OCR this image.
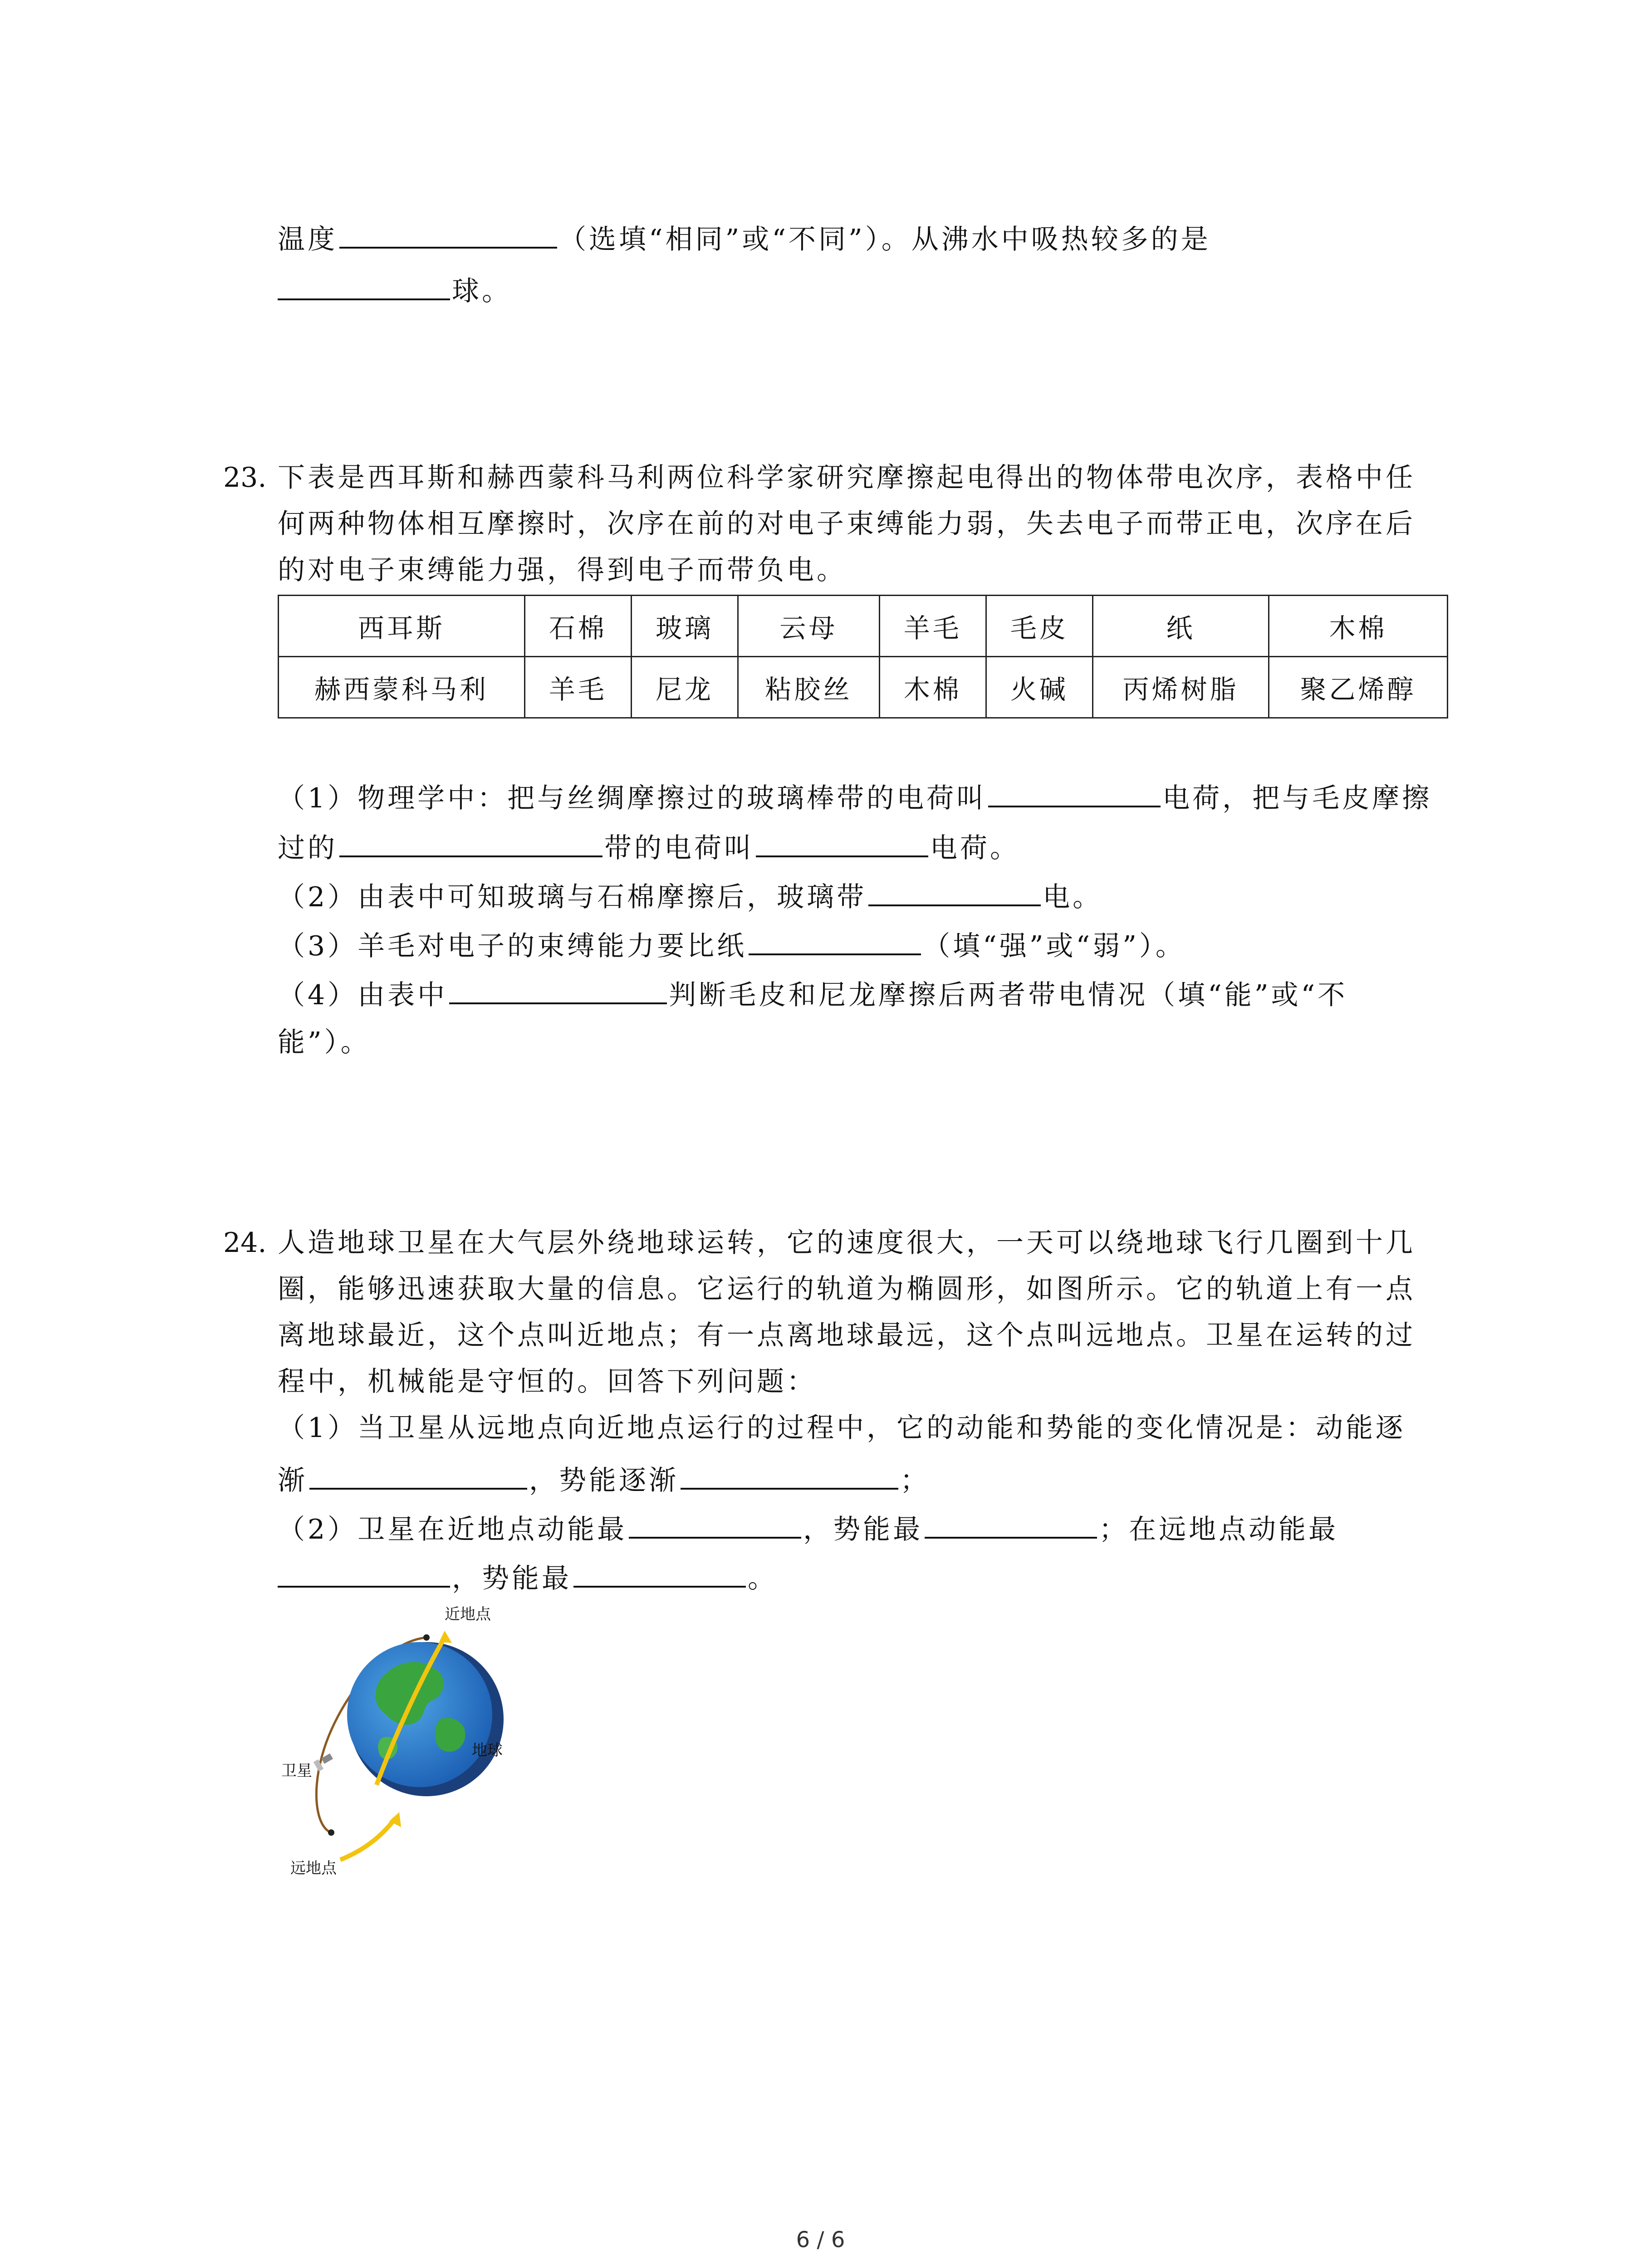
温度	（选填“相同”或“不同”）。从沸水中吸热较多的是
球。
23. 下表是西耳斯和赫西蒙科马利两位科学家研究摩擦起电得出的物体带电次序，表格中任
何两种物体相互摩擦时，次序在前的对电子束缚能力弱，失去电子而带正电，次序在后
的对电子束缚能力强，得到电子而带负电。
西耳斯	石棉	玻璃	云母	羊毛	毛皮	纸	木棉
赫西蒙科马利	羊毛	尼龙	粘胶丝	木棉	火碱	丙烯树脂	聚乙烯醇
（1）物理学中：把与丝绸摩擦过的玻璃棒带的电荷叫	电荷，把与毛皮摩擦
过的	带的电荷叫	电荷。
（2）由表中可知玻璃与石棉摩擦后，玻璃带	电。
（3）羊毛对电子的束缚能力要比纸	（填“强”或“弱”）。
（4）由表中	判断毛皮和尼龙摩擦后两者带电情况（填“能”或“不
能”）。
24. 人造地球卫星在大气层外绕地球运转，它的速度很大，一天可以绕地球飞行几圈到十几
圈，能够迅速获取大量的信息。它运行的轨道为椭圆形，如图所示。它的轨道上有一点
离地球最近，这个点叫近地点；有一点离地球最远，这个点叫远地点。卫星在运转的过
程中，机械能是守恒的。回答下列问题：
（1）当卫星从远地点向近地点运行的过程中，它的动能和势能的变化情况是：动能逐
渐	，势能逐渐	；
（2）卫星在近地点动能最	，势能最	；在远地点动能最
，势能最	。
近地点
地球
卫星
远地点
6 / 6
